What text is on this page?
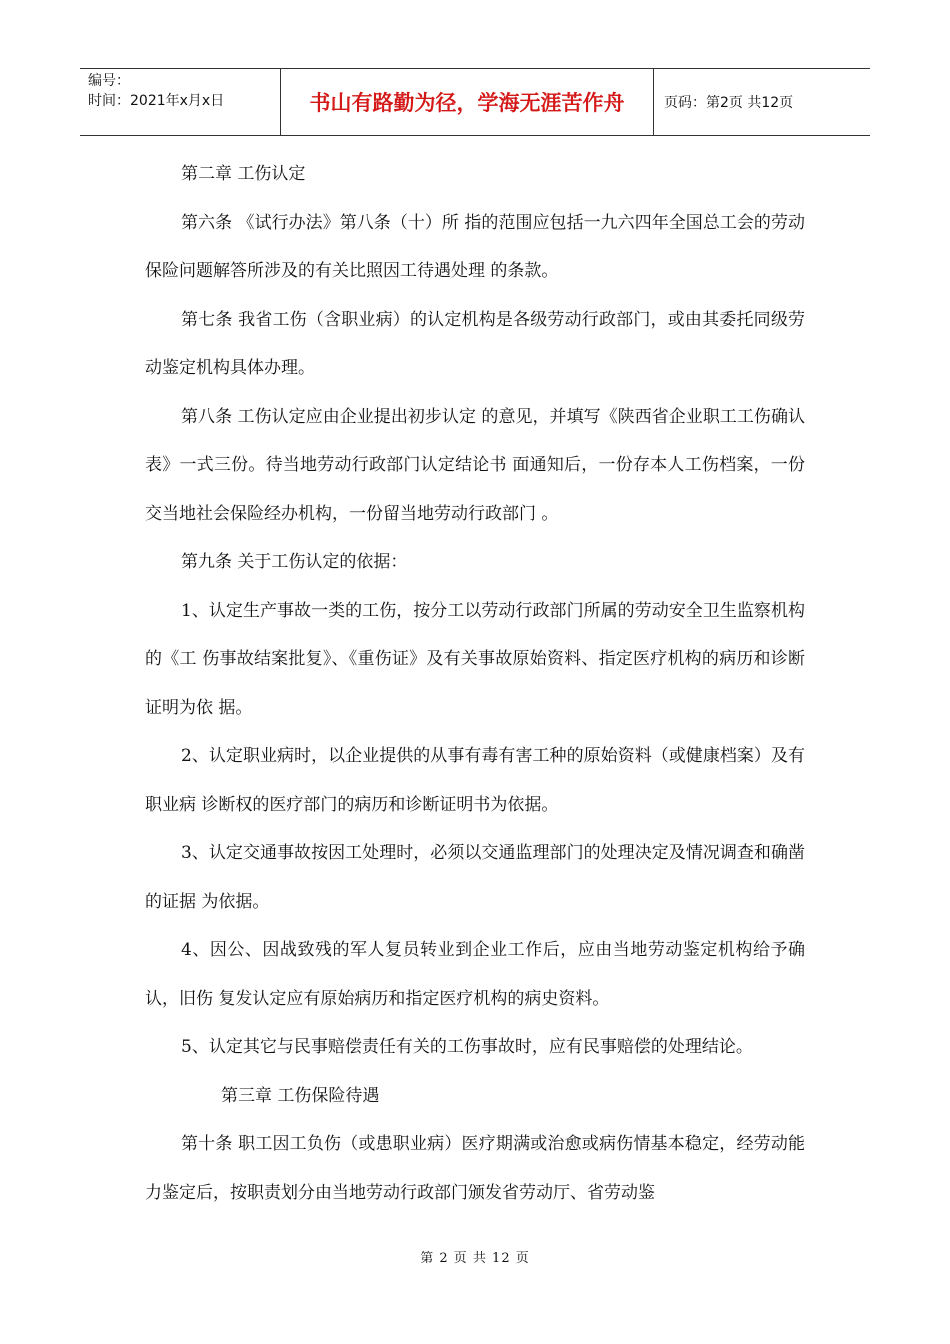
编号：
时间：2021年x月x日	书山有路勤为径，学海无涯苦作舟	页码：第2页 共12页

第二章 工伤认定

第六条 《试行办法》第八条（十）所 指的范围应包括一九六四年全国总工会的劳动保险问题解答所涉及的有关比照因工待遇处理 的条款。

第七条 我省工伤（含职业病）的认定机构是各级劳动行政部门，或由其委托同级劳动鉴定机构具体办理。

第八条 工伤认定应由企业提出初步认定 的意见，并填写《陕西省企业职工工伤确认表》一式三份。待当地劳动行政部门认定结论书 面通知后，一份存本人工伤档案，一份交当地社会保险经办机构，一份留当地劳动行政部门 。

第九条 关于工伤认定的依据：

1、认定生产事故一类的工伤，按分工以劳动行政部门所属的劳动安全卫生监察机构的《工 伤事故结案批复》、《重伤证》及有关事故原始资料、指定医疗机构的病历和诊断证明为依 据。

2、认定职业病时，以企业提供的从事有毒有害工种的原始资料（或健康档案）及有职业病 诊断权的医疗部门的病历和诊断证明书为依据。

3、认定交通事故按因工处理时，必须以交通监理部门的处理决定及情况调查和确凿的证据 为依据。

4、因公、因战致残的军人复员转业到企业工作后，应由当地劳动鉴定机构给予确认，旧伤 复发认定应有原始病历和指定医疗机构的病史资料。

5、认定其它与民事赔偿责任有关的工伤事故时，应有民事赔偿的处理结论。

第三章 工伤保险待遇

第十条 职工因工负伤（或患职业病）医疗期满或治愈或病伤情基本稳定，经劳动能力鉴定后，按职责划分由当地劳动行政部门颁发省劳动厅、省劳动鉴

第 2 页 共 12 页
